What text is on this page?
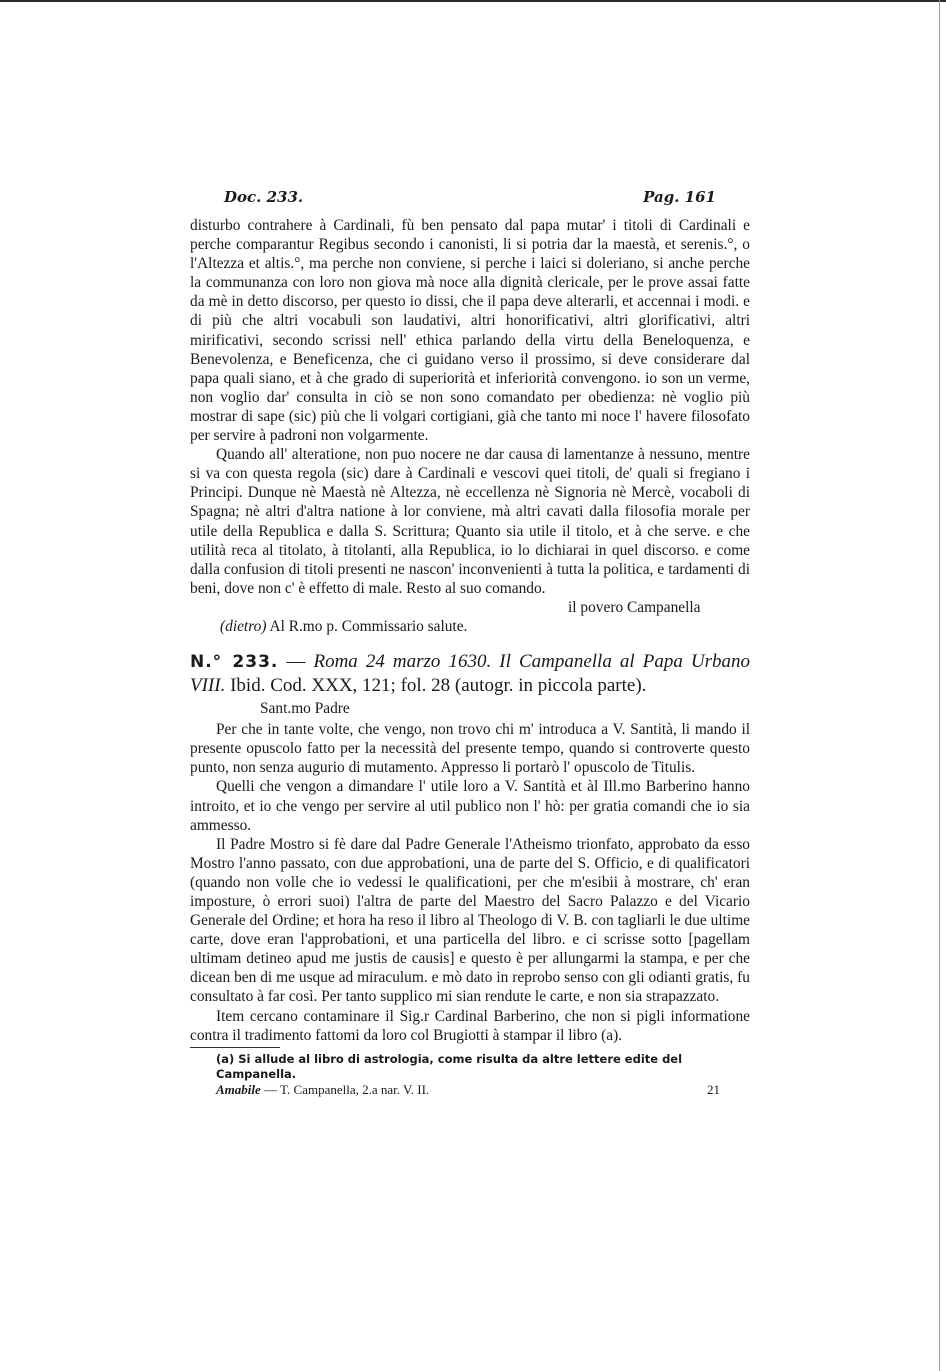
Doc. 233.	Pag. 161

disturbo contrahere à Cardinali, fù ben pensato dal papa mutar' i titoli di Cardinali e perche comparantur Regibus secondo i canonisti, li si potria dar la maestà, et serenis.°, o l'Altezza et altis.°, ma perche non conviene, si perche i laici si doleriano, si anche perche la communanza con loro non giova mà noce alla dignità clericale, per le prove assai fatte da mè in detto discorso, per questo io dissi, che il papa deve alterarli, et accennai i modi. e di più che altri vocabuli son laudativi, altri honorificativi, altri glorificativi, altri mirificativi, secondo scrissi nell' ethica parlando della virtu della Beneloquenza, e Benevolenza, e Beneficenza, che ci guidano verso il prossimo, si deve considerare dal papa quali siano, et à che grado di superiorità et inferiorità convengono. io son un verme, non voglio dar' consulta in ciò se non sono comandato per obedienza: nè voglio più mostrar di sape (sic) più che li volgari cortigiani, già che tanto mi noce l' havere filosofato per servire à padroni non volgarmente.

Quando all' alteratione, non puo nocere ne dar causa di lamentanze à nessuno, mentre si va con questa regola (sic) dare à Cardinali e vescovi quei titoli, de' quali si fregiano i Principi. Dunque nè Maestà nè Altezza, nè eccellenza nè Signoria nè Mercè, vocaboli di Spagna; nè altri d'altra natione à lor conviene, mà altri cavati dalla filosofia morale per utile della Republica e dalla S. Scrittura; Quanto sia utile il titolo, et à che serve. e che utilità reca al titolato, à titolanti, alla Republica, io lo dichiarai in quel discorso. e come dalla confusion di titoli presenti ne nascon' inconvenienti à tutta la politica, e tardamenti di beni, dove non c' è effetto di male. Resto al suo comando.

il povero Campanella

(dietro) Al R.mo p. Commissario salute.

N.° 233. — Roma 24 marzo 1630. Il Campanella al Papa Urbano VIII. Ibid. Cod. XXX, 121; fol. 28 (autogr. in piccola parte).

Sant.mo Padre

Per che in tante volte, che vengo, non trovo chi m' introduca a V. Santità, li mando il presente opuscolo fatto per la necessità del presente tempo, quando si controverte questo punto, non senza augurio di mutamento. Appresso li portarò l' opuscolo de Titulis.

Quelli che vengon a dimandare l' utile loro a V. Santità et àl Ill.mo Barberino hanno introito, et io che vengo per servire al util publico non l' hò: per gratia comandi che io sia ammesso.

Il Padre Mostro si fè dare dal Padre Generale l'Atheismo trionfato, approbato da esso Mostro l'anno passato, con due approbationi, una de parte del S. Officio, e di qualificatori (quando non volle che io vedessi le qualificationi, per che m'esibii à mostrare, ch' eran imposture, ò errori suoi) l'altra de parte del Maestro del Sacro Palazzo e del Vicario Generale del Ordine; et hora ha reso il libro al Theologo di V. B. con tagliarli le due ultime carte, dove eran l'approbationi, et una particella del libro. e ci scrisse sotto [pagellam ultimam detineo apud me justis de causis] e questo è per allungarmi la stampa, e per che dicean ben di me usque ad miraculum. e mò dato in reprobo senso con gli odianti gratis, fu consultato à far così. Per tanto supplico mi sian rendute le carte, e non sia strapazzato.

Item cercano contaminare il Sig.r Cardinal Barberino, che non si pigli informatione contra il tradimento fattomi da loro col Brugiotti à stampar il libro (a).

(a) Si allude al libro di astrologia, come risulta da altre lettere edite del Campanella.

Amabile — T. Campanella, 2.a nar. V. II.	21
